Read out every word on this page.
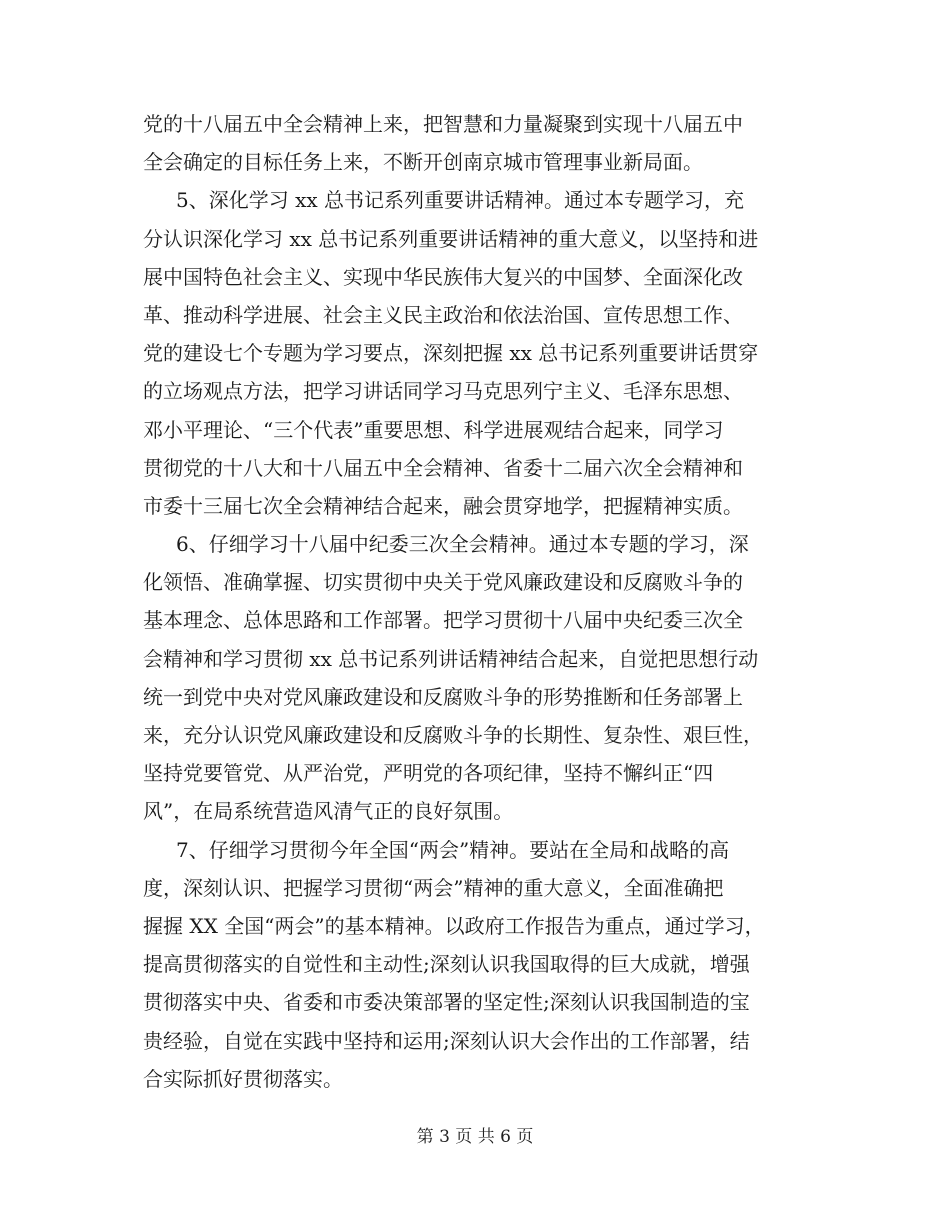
党的十八届五中全会精神上来，把智慧和力量凝聚到实现十八届五中
全会确定的目标任务上来，不断开创南京城市管理事业新局面。
5、深化学习 xx 总书记系列重要讲话精神。通过本专题学习，充
分认识深化学习 xx 总书记系列重要讲话精神的重大意义，以坚持和进
展中国特色社会主义、实现中华民族伟大复兴的中国梦、全面深化改
革、推动科学进展、社会主义民主政治和依法治国、宣传思想工作、
党的建设七个专题为学习要点，深刻把握 xx 总书记系列重要讲话贯穿
的立场观点方法，把学习讲话同学习马克思列宁主义、毛泽东思想、
邓小平理论、“三个代表”重要思想、科学进展观结合起来，同学习
贯彻党的十八大和十八届五中全会精神、省委十二届六次全会精神和
市委十三届七次全会精神结合起来，融会贯穿地学，把握精神实质。
6、仔细学习十八届中纪委三次全会精神。通过本专题的学习，深
化领悟、准确掌握、切实贯彻中央关于党风廉政建设和反腐败斗争的
基本理念、总体思路和工作部署。把学习贯彻十八届中央纪委三次全
会精神和学习贯彻 xx 总书记系列讲话精神结合起来，自觉把思想行动
统一到党中央对党风廉政建设和反腐败斗争的形势推断和任务部署上
来，充分认识党风廉政建设和反腐败斗争的长期性、复杂性、艰巨性，
坚持党要管党、从严治党，严明党的各项纪律，坚持不懈纠正“四
风”，在局系统营造风清气正的良好氛围。
7、仔细学习贯彻今年全国“两会”精神。要站在全局和战略的高
度，深刻认识、把握学习贯彻“两会”精神的重大意义，全面准确把
握握 XX 全国“两会”的基本精神。以政府工作报告为重点，通过学习，
提高贯彻落实的自觉性和主动性;深刻认识我国取得的巨大成就，增强
贯彻落实中央、省委和市委决策部署的坚定性;深刻认识我国制造的宝
贵经验，自觉在实践中坚持和运用;深刻认识大会作出的工作部署，结
合实际抓好贯彻落实。
第 3 页 共 6 页
